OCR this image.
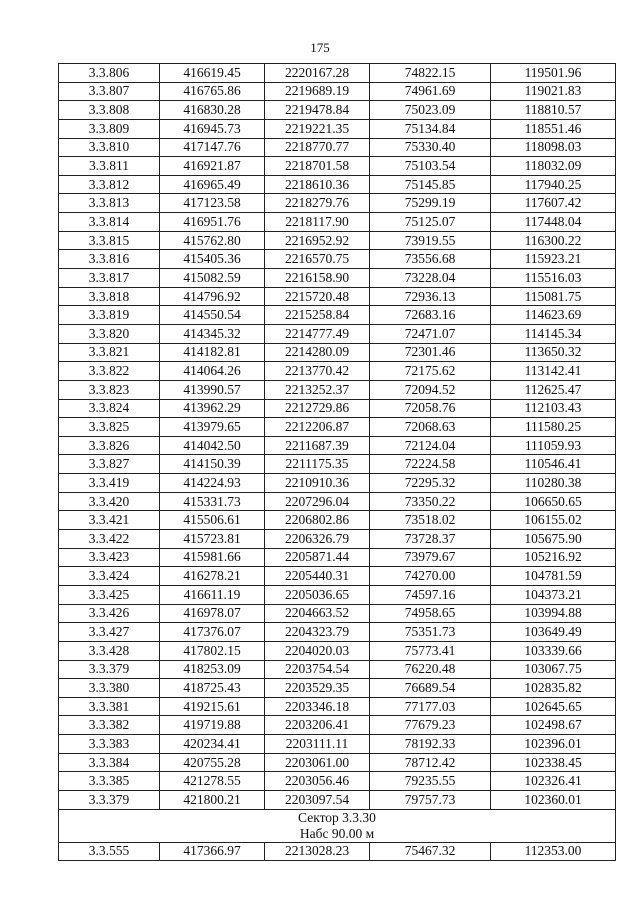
175
3.3.806	416619.45	2220167.28	74822.15	119501.96
3.3.807	416765.86	2219689.19	74961.69	119021.83
3.3.808	416830.28	2219478.84	75023.09	118810.57
3.3.809	416945.73	2219221.35	75134.84	118551.46
3.3.810	417147.76	2218770.77	75330.40	118098.03
3.3.811	416921.87	2218701.58	75103.54	118032.09
3.3.812	416965.49	2218610.36	75145.85	117940.25
3.3.813	417123.58	2218279.76	75299.19	117607.42
3.3.814	416951.76	2218117.90	75125.07	117448.04
3.3.815	415762.80	2216952.92	73919.55	116300.22
3.3.816	415405.36	2216570.75	73556.68	115923.21
3.3.817	415082.59	2216158.90	73228.04	115516.03
3.3.818	414796.92	2215720.48	72936.13	115081.75
3.3.819	414550.54	2215258.84	72683.16	114623.69
3.3.820	414345.32	2214777.49	72471.07	114145.34
3.3.821	414182.81	2214280.09	72301.46	113650.32
3.3.822	414064.26	2213770.42	72175.62	113142.41
3.3.823	413990.57	2213252.37	72094.52	112625.47
3.3.824	413962.29	2212729.86	72058.76	112103.43
3.3.825	413979.65	2212206.87	72068.63	111580.25
3.3.826	414042.50	2211687.39	72124.04	111059.93
3.3.827	414150.39	2211175.35	72224.58	110546.41
3.3.419	414224.93	2210910.36	72295.32	110280.38
3.3.420	415331.73	2207296.04	73350.22	106650.65
3.3.421	415506.61	2206802.86	73518.02	106155.02
3.3.422	415723.81	2206326.79	73728.37	105675.90
3.3.423	415981.66	2205871.44	73979.67	105216.92
3.3.424	416278.21	2205440.31	74270.00	104781.59
3.3.425	416611.19	2205036.65	74597.16	104373.21
3.3.426	416978.07	2204663.52	74958.65	103994.88
3.3.427	417376.07	2204323.79	75351.73	103649.49
3.3.428	417802.15	2204020.03	75773.41	103339.66
3.3.379	418253.09	2203754.54	76220.48	103067.75
3.3.380	418725.43	2203529.35	76689.54	102835.82
3.3.381	419215.61	2203346.18	77177.03	102645.65
3.3.382	419719.88	2203206.41	77679.23	102498.67
3.3.383	420234.41	2203111.11	78192.33	102396.01
3.3.384	420755.28	2203061.00	78712.42	102338.45
3.3.385	421278.55	2203056.46	79235.55	102326.41
3.3.379	421800.21	2203097.54	79757.73	102360.01

Сектор 3.3.30
Набс 90.00 м				

3.3.555	417366.97	2213028.23	75467.32	112353.00
